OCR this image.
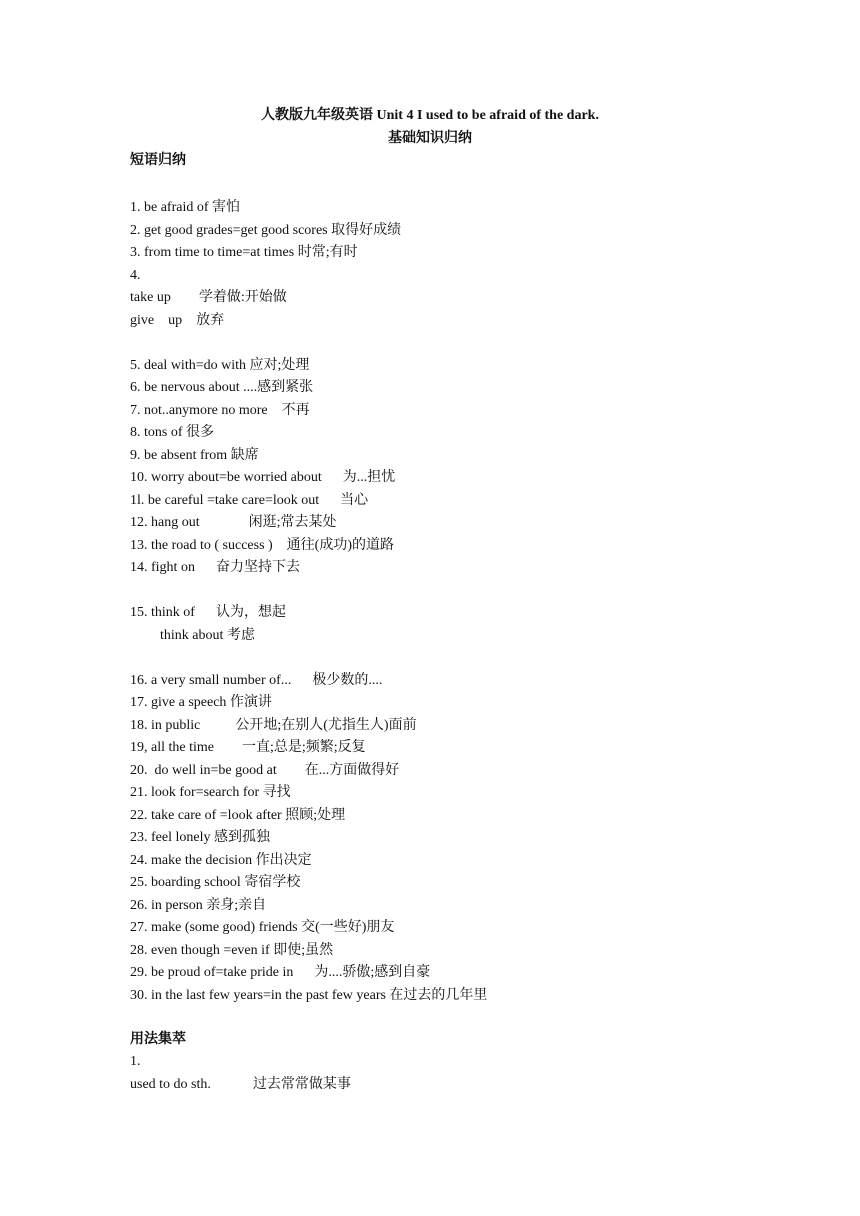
人教版九年级英语 Unit 4 I used to be afraid of the dark.
基础知识归纳
短语归纳
1. be afraid of 害怕
2. get good grades=get good scores 取得好成绩
3. from time to time=at times 时常;有时
4.
take up        学着做:开始做
give    up    放弃
5. deal with=do with 应对;处理
6. be nervous about ....感到紧张
7. not..anymore no more    不再
8. tons of 很多
9. be absent from 缺席
10. worry about=be worried about      为...担忧
1l. be careful =take care=look out      当心
12. hang out              闲逛;常去某处
13. the road to ( success )    通往(成功)的道路
14. fight on      奋力坚持下去
15. think of      认为，想起
think about 考虑
16. a very small number of...      极少数的....
17. give a speech 作演讲
18. in public          公开地;在别人(尤指生人)面前
19, all the time        一直;总是;频繁;反复
20.  do well in=be good at        在...方面做得好
21. look for=search for 寻找
22. take care of =look after 照顾;处理
23. feel lonely 感到孤独
24. make the decision 作出决定
25. boarding school 寄宿学校
26. in person 亲身;亲自
27. make (some good) friends 交(一些好)朋友
28. even though =even if 即使;虽然
29. be proud of=take pride in      为....骄傲;感到自豪
30. in the last few years=in the past few years 在过去的几年里
用法集萃
1.
used to do sth.            过去常常做某事
